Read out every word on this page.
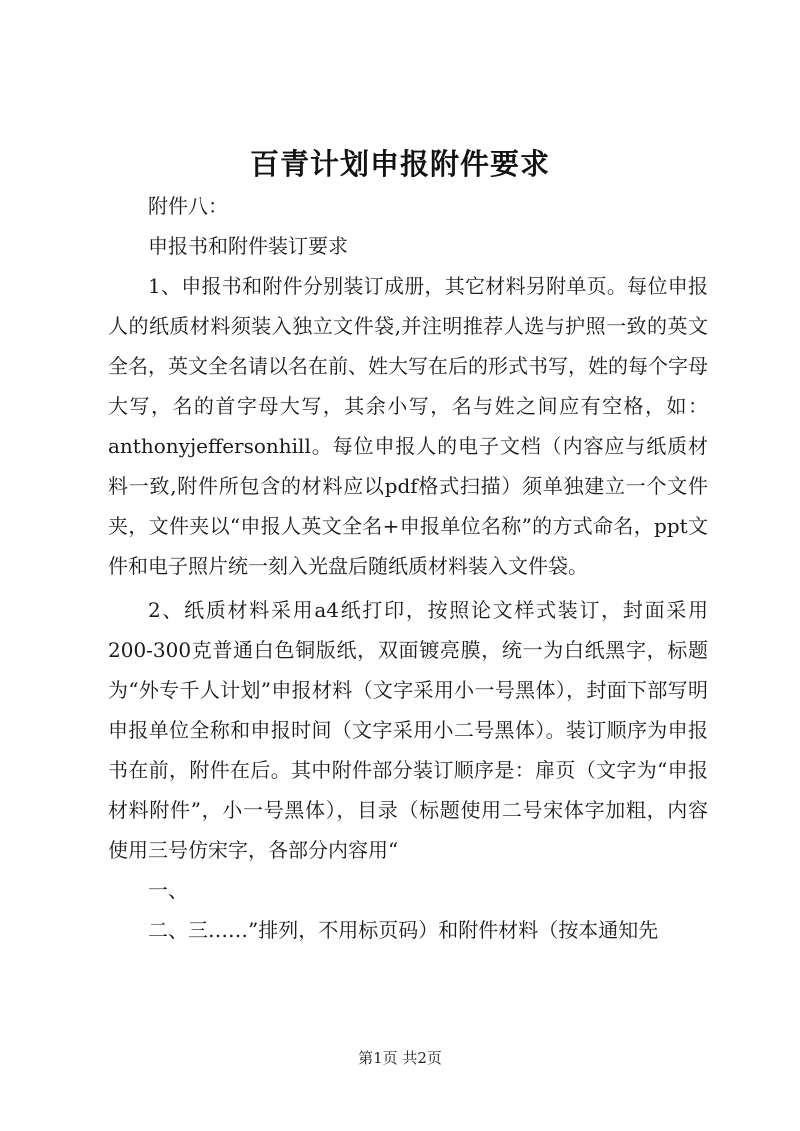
百青计划申报附件要求

附件八：

申报书和附件装订要求

1、申报书和附件分别装订成册，其它材料另附单页。每位申报人的纸质材料须装入独立文件袋,并注明推荐人选与护照一致的英文全名，英文全名请以名在前、姓大写在后的形式书写，姓的每个字母大写，名的首字母大写，其余小写，名与姓之间应有空格，如：anthonyjeffersonhill。每位申报人的电子文档（内容应与纸质材料一致,附件所包含的材料应以pdf格式扫描）须单独建立一个文件夹，文件夹以“申报人英文全名+申报单位名称”的方式命名，ppt文件和电子照片统一刻入光盘后随纸质材料装入文件袋。

2、纸质材料采用a4纸打印，按照论文样式装订，封面采用200-300克普通白色铜版纸，双面镀亮膜，统一为白纸黑字，标题为“外专千人计划”申报材料（文字采用小一号黑体），封面下部写明申报单位全称和申报时间（文字采用小二号黑体）。装订顺序为申报书在前，附件在后。其中附件部分装订顺序是：扉页（文字为“申报材料附件”，小一号黑体），目录（标题使用二号宋体字加粗，内容使用三号仿宋字，各部分内容用“

一、

二、三……”排列，不用标页码）和附件材料（按本通知先

第1页 共2页
